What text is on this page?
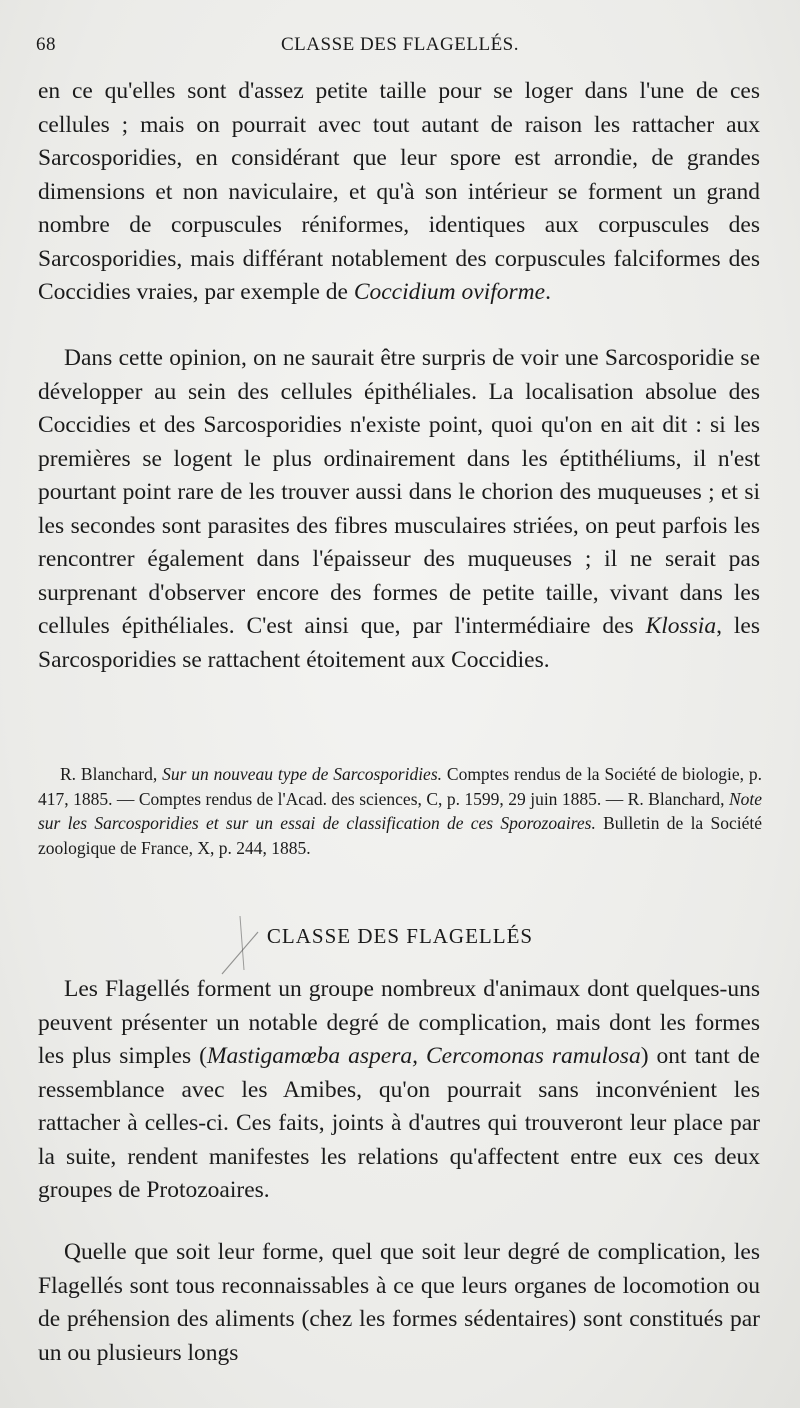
68	CLASSE DES FLAGELLÉS.

en ce qu'elles sont d'assez petite taille pour se loger dans l'une de ces cellules ; mais on pourrait avec tout autant de raison les rattacher aux Sarcosporidies, en considérant que leur spore est arrondie, de grandes dimensions et non naviculaire, et qu'à son intérieur se forment un grand nombre de corpuscules réniformes, identiques aux corpuscules des Sarcosporidies, mais différant notablement des corpuscules falciformes des Coccidies vraies, par exemple de Coccidium oviforme.

Dans cette opinion, on ne saurait être surpris de voir une Sarcosporidie se développer au sein des cellules épithéliales. La localisation absolue des Coccidies et des Sarcosporidies n'existe point, quoi qu'on en ait dit : si les premières se logent le plus ordinairement dans les éptithéliums, il n'est pourtant point rare de les trouver aussi dans le chorion des muqueuses ; et si les secondes sont parasites des fibres musculaires striées, on peut parfois les rencontrer également dans l'épaisseur des muqueuses ; il ne serait pas surprenant d'observer encore des formes de petite taille, vivant dans les cellules épithéliales. C'est ainsi que, par l'intermédiaire des Klossia, les Sarcosporidies se rattachent étoitement aux Coccidies.

R. Blanchard, Sur un nouveau type de Sarcosporidies. Comptes rendus de la Société de biologie, p. 417, 1885. — Comptes rendus de l'Acad. des sciences, C, p. 1599, 29 juin 1885. — R. Blanchard, Note sur les Sarcosporidies et sur un essai de classification de ces Sporozoaires. Bulletin de la Société zoologique de France, X, p. 244, 1885.

CLASSE DES FLAGELLÉS

Les Flagellés forment un groupe nombreux d'animaux dont quelques-uns peuvent présenter un notable degré de complication, mais dont les formes les plus simples (Mastigamœba aspera, Cercomonas ramulosa) ont tant de ressemblance avec les Amibes, qu'on pourrait sans inconvénient les rattacher à celles-ci. Ces faits, joints à d'autres qui trouveront leur place par la suite, rendent manifestes les relations qu'affectent entre eux ces deux groupes de Protozoaires.

Quelle que soit leur forme, quel que soit leur degré de complication, les Flagellés sont tous reconnaissables à ce que leurs organes de locomotion ou de préhension des aliments (chez les formes sédentaires) sont constitués par un ou plusieurs longs
